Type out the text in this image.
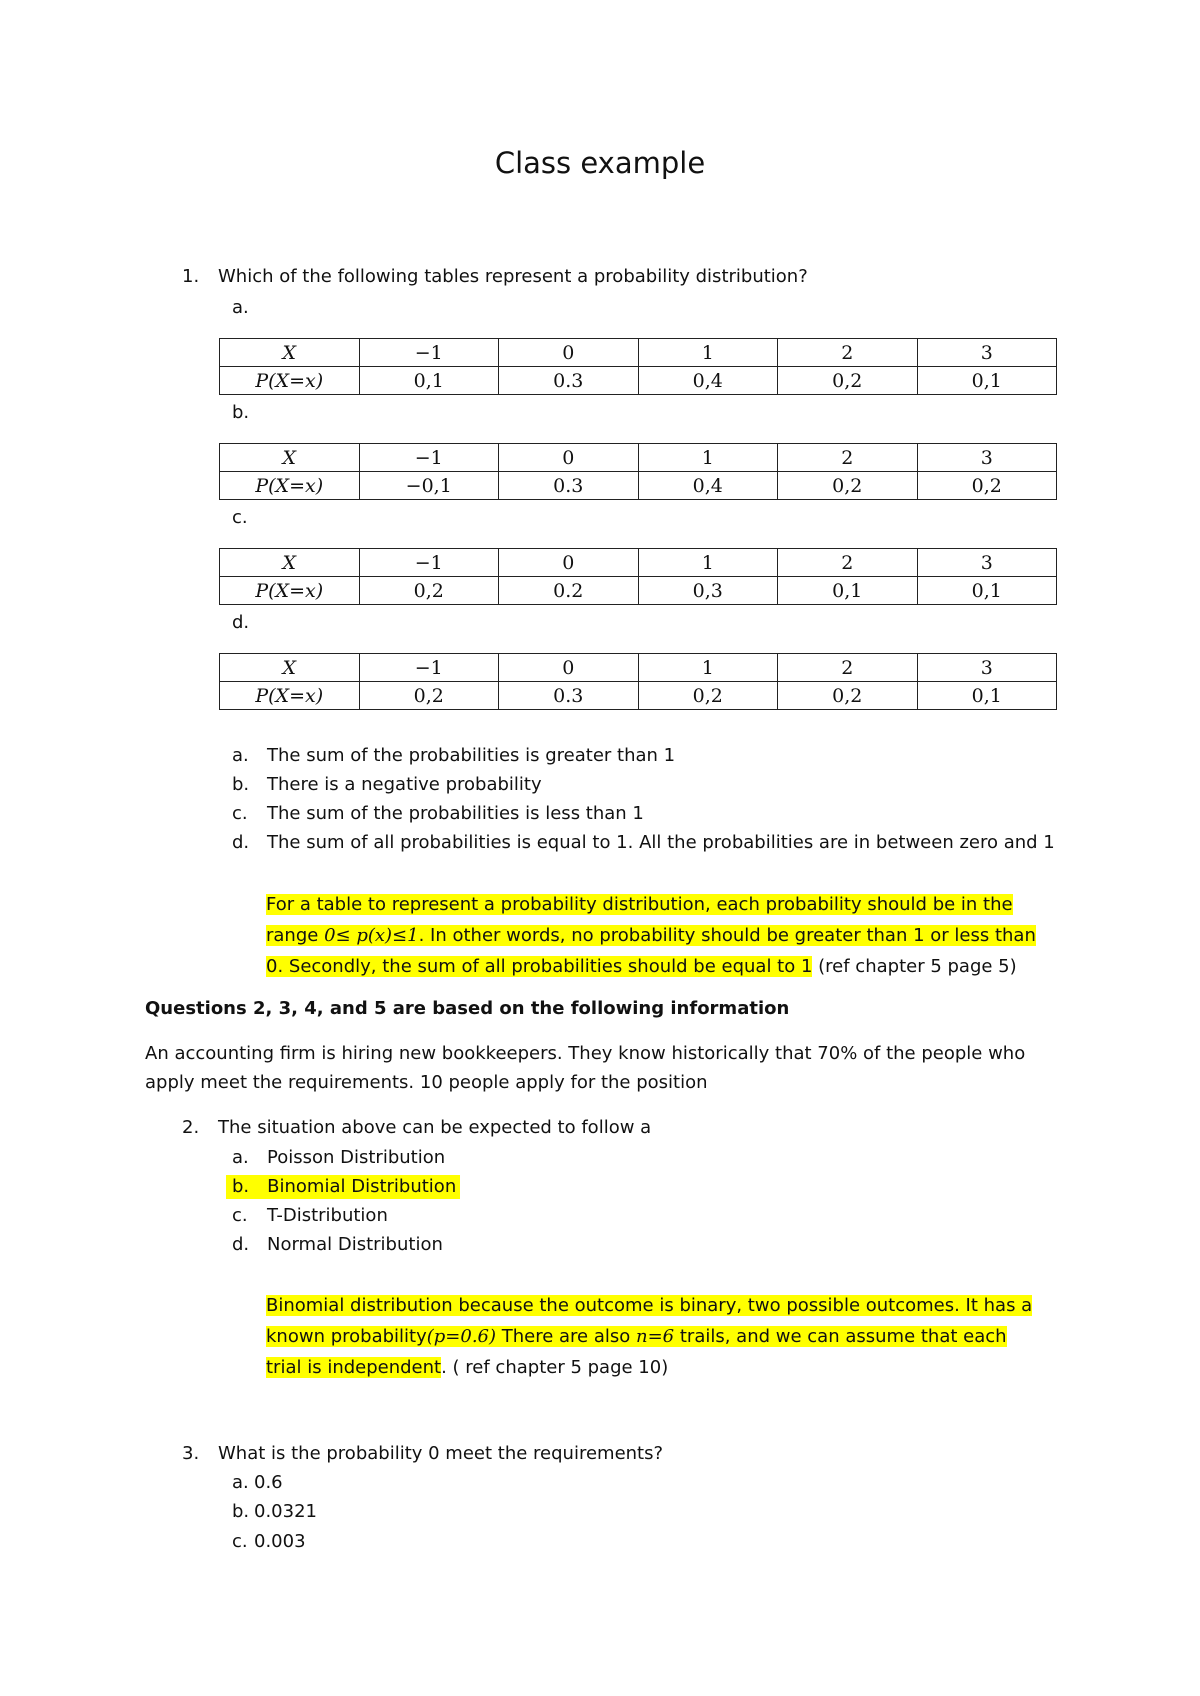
Class example
1. Which of the following tables represent a probability distribution?
a.
X	−1	0	1	2	3
P(X=x)	0,1	0.3	0,4	0,2	0,1
b.
X	−1	0	1	2	3
P(X=x)	−0,1	0.3	0,4	0,2	0,2
c.
X	−1	0	1	2	3
P(X=x)	0,2	0.2	0,3	0,1	0,1
d.
X	−1	0	1	2	3
P(X=x)	0,2	0.3	0,2	0,2	0,1
a. The sum of the probabilities is greater than 1
b. There is a negative probability
c. The sum of the probabilities is less than 1
d. The sum of all probabilities is equal to 1. All the probabilities are in between zero and 1
For a table to represent a probability distribution, each probability should be in the
range 0≤ p(x)≤1. In other words, no probability should be greater than 1 or less than
0. Secondly, the sum of all probabilities should be equal to 1 (ref chapter 5 page 5)
Questions 2, 3, 4, and 5 are based on the following information
An accounting firm is hiring new bookkeepers. They know historically that 70% of the people who
apply meet the requirements. 10 people apply for the position
2. The situation above can be expected to follow a
a. Poisson Distribution
b. Binomial Distribution
c. T-Distribution
d. Normal Distribution
Binomial distribution because the outcome is binary, two possible outcomes. It has a
known probability(p=0.6) There are also n=6 trails, and we can assume that each
trial is independent. ( ref chapter 5 page 10)
3. What is the probability 0 meet the requirements?
a. 0.6
b. 0.0321
c. 0.003
